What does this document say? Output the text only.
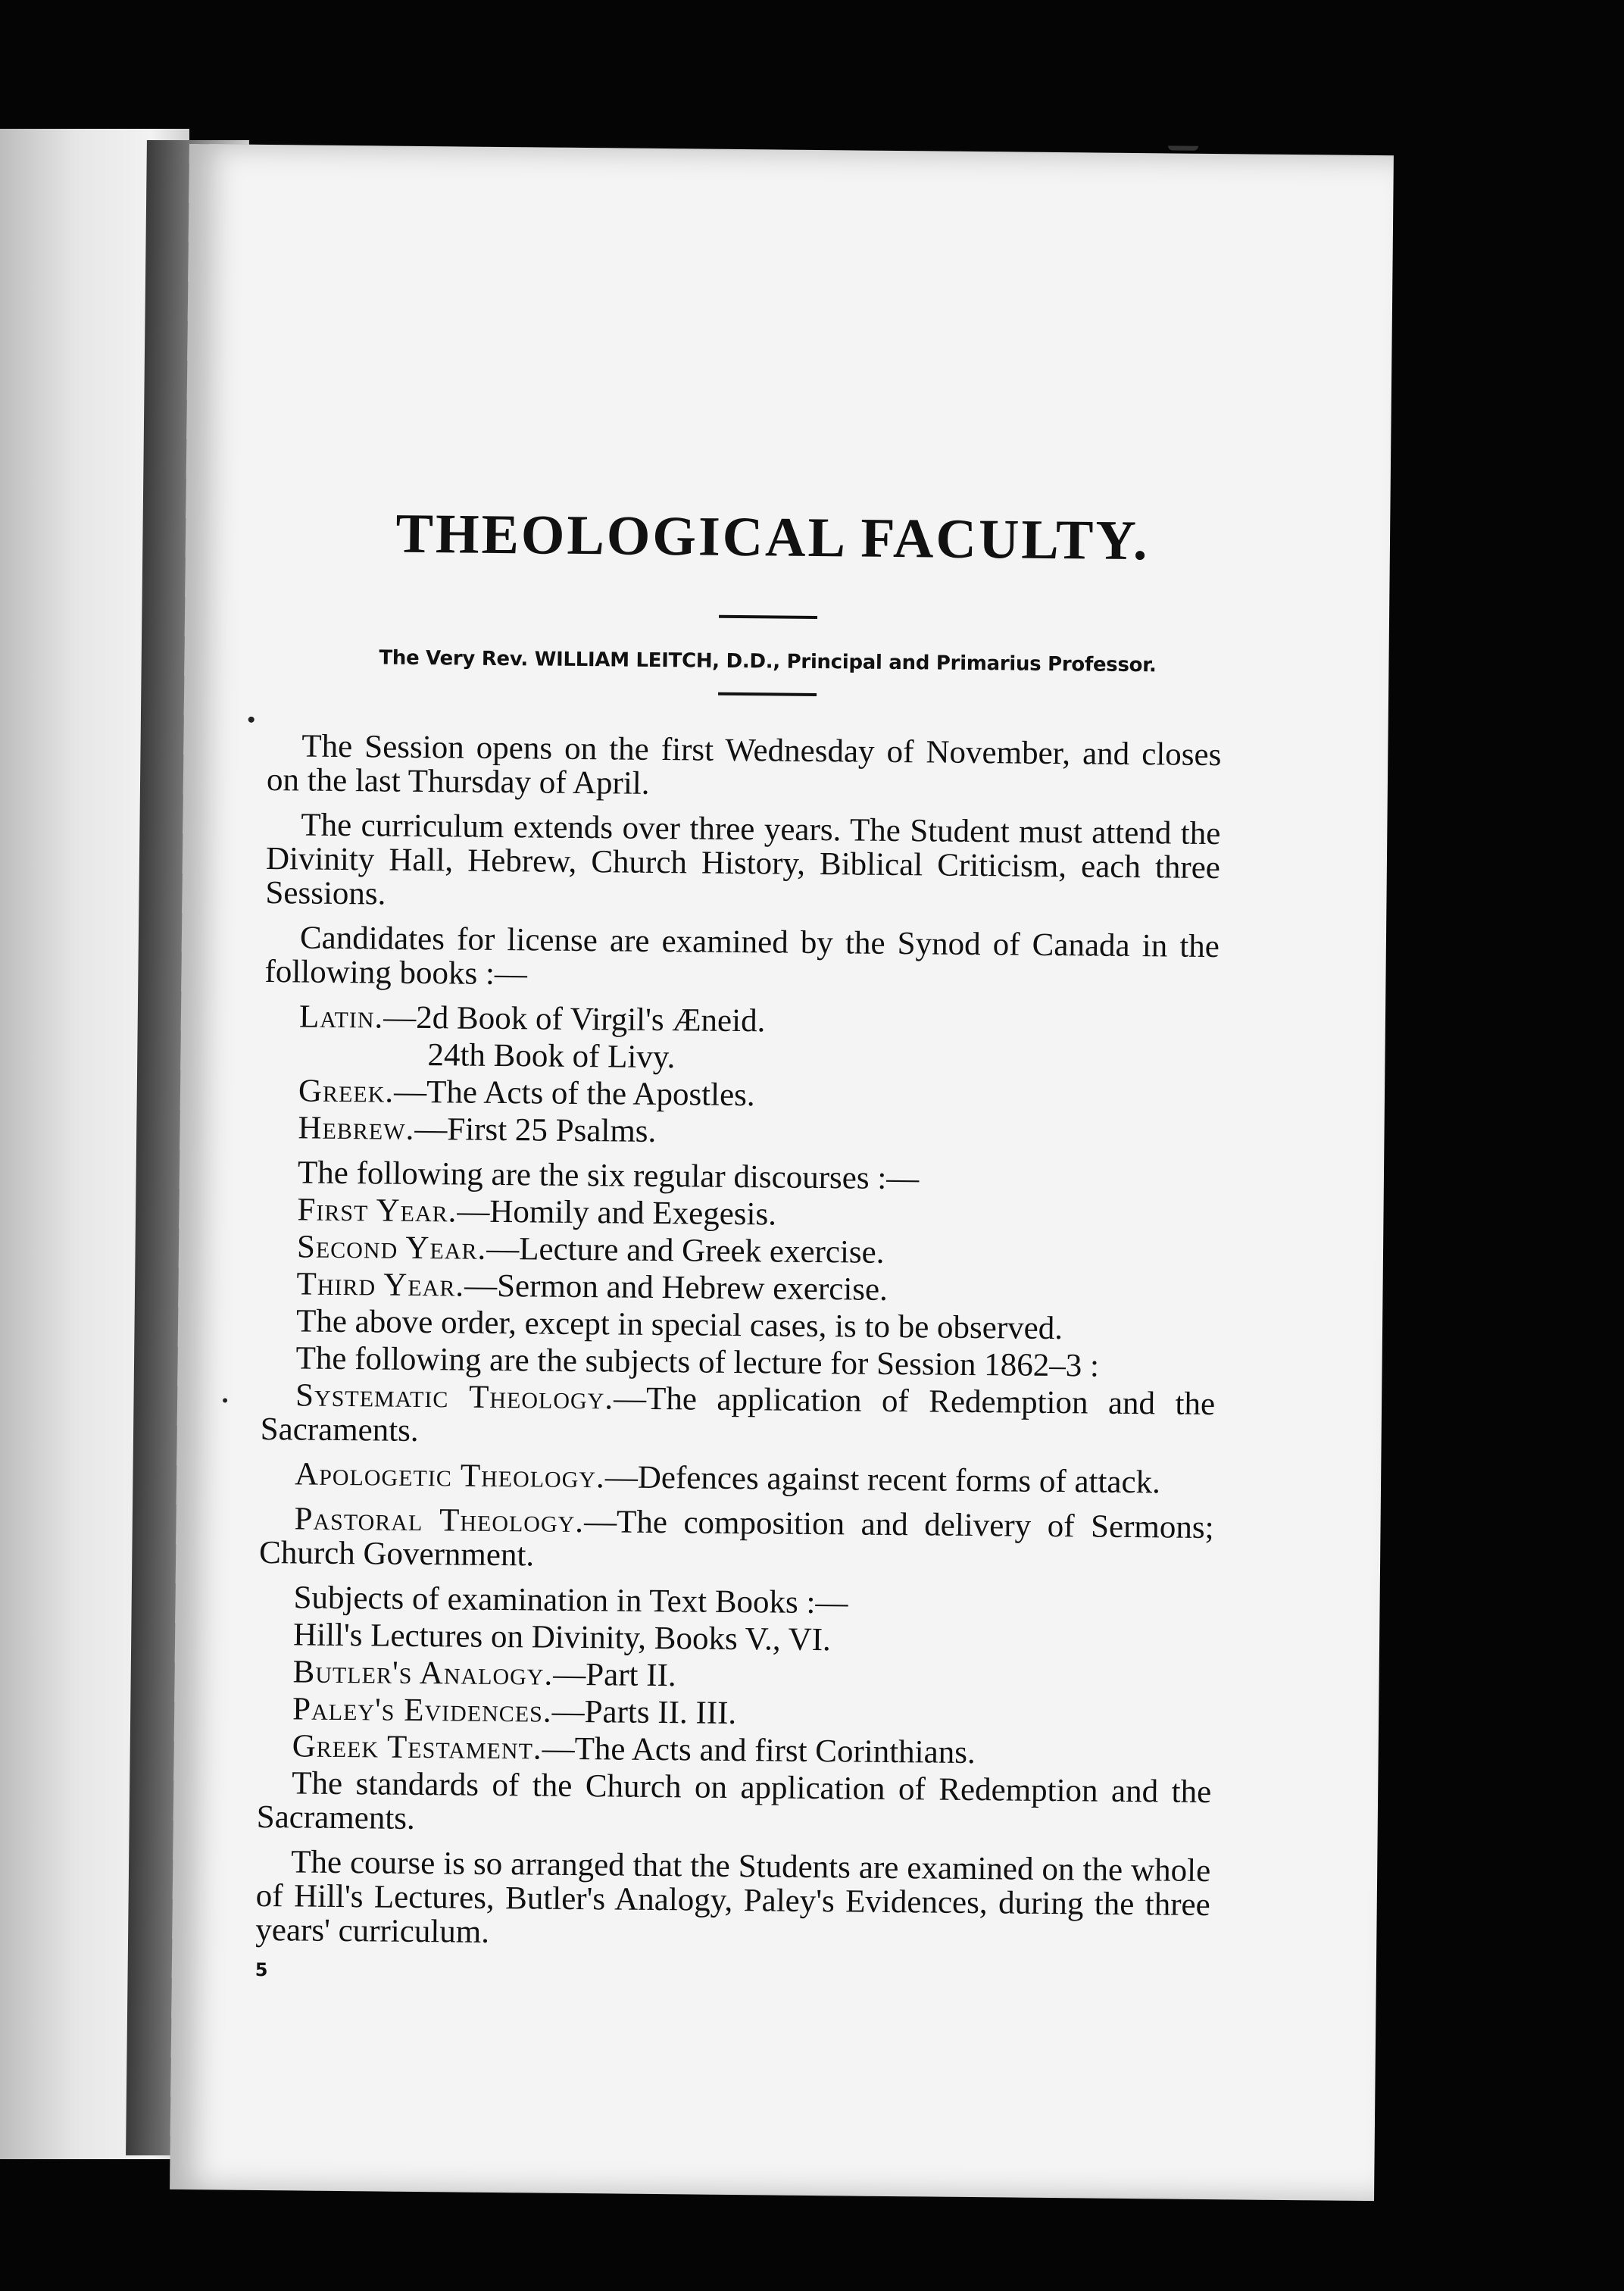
THEOLOGICAL FACULTY.
The Very Rev. WILLIAM LEITCH, D.D., Principal and Primarius Professor.

The Session opens on the first Wednesday of November, and closes on the last Thursday of April.

The curriculum extends over three years. The Student must attend the Divinity Hall, Hebrew, Church History, Biblical Criticism, each three Sessions.

Candidates for license are examined by the Synod of Canada in the following books :—

Latin.—2d Book of Virgil's Æneid.
24th Book of Livy.
Greek.—The Acts of the Apostles.
Hebrew.—First 25 Psalms.
The following are the six regular discourses :—
First Year.—Homily and Exegesis.
Second Year.—Lecture and Greek exercise.
Third Year.—Sermon and Hebrew exercise.
The above order, except in special cases, is to be observed.
The following are the subjects of lecture for Session 1862–3 :

Systematic Theology.—The application of Redemption and the Sacraments.

Apologetic Theology.—Defences against recent forms of attack.

Pastoral Theology.—The composition and delivery of Sermons; Church Government.

Subjects of examination in Text Books :—
Hill's Lectures on Divinity, Books V., VI.
Butler's Analogy.—Part II.
Paley's Evidences.—Parts II. III.
Greek Testament.—The Acts and first Corinthians.

The standards of the Church on application of Redemption and the Sacraments.

The course is so arranged that the Students are examined on the whole of Hill's Lectures, Butler's Analogy, Paley's Evidences, during the three years' curriculum.

5
